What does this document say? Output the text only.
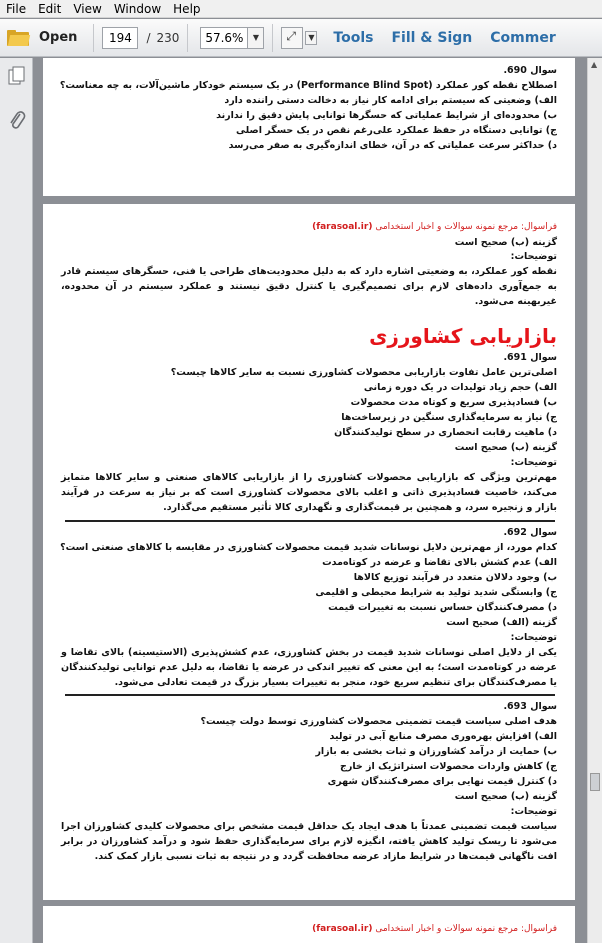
File	Edit	View	Window	Help
Open	194	/ 230	57.6%	▼	⤢	▼ Tools Fill & Sign Commer
سوال 690.
اصطلاح نقطه کور عملکرد (Performance Blind Spot) در یک سیستم خودکار ماشین‌آلات، به چه معناست؟
الف) وضعیتی که سیستم برای ادامه کار نیاز به دخالت دستی راننده دارد
ب) محدوده‌ای از شرایط عملیاتی که حسگرها توانایی پایش دقیق را ندارند
ج) توانایی دستگاه در حفظ عملکرد علی‌رغم نقص در یک حسگر اصلی
د) حداکثر سرعت عملیاتی که در آن، خطای اندازه‌گیری به صفر می‌رسد
فراسوال: مرجع نمونه سوالات و اخبار استخدامی (farasoal.ir)
گزینه (ب) صحیح است
توضیحات:
نقطه کور عملکرد، به وضعیتی اشاره دارد که به دلیل محدودیت‌های طراحی یا فنی، حسگرهای سیستم قادر به جمع‌آوری داده‌های لازم برای تصمیم‌گیری یا کنترل دقیق نیستند و عملکرد سیستم در آن محدوده، غیربهینه می‌شود.
بازاریابی کشاورزی
سوال 691.
اصلی‌ترین عامل تفاوت بازاریابی محصولات کشاورزی نسبت به سایر کالاها چیست؟
الف) حجم زیاد تولیدات در یک دوره زمانی
ب) فسادپذیری سریع و کوتاه مدت محصولات
ج) نیاز به سرمایه‌گذاری سنگین در زیرساخت‌ها
د) ماهیت رقابت انحصاری در سطح تولیدکنندگان
گزینه (ب) صحیح است
توضیحات:
مهم‌ترین ویژگی که بازاریابی محصولات کشاورزی را از بازاریابی کالاهای صنعتی و سایر کالاها متمایز می‌کند، خاصیت فسادپذیری ذاتی و اغلب بالای محصولات کشاورزی است که بر نیاز به سرعت در فرآیند بازار و زنجیره سرد، و همچنین بر قیمت‌گذاری و نگهداری کالا تأثیر مستقیم می‌گذارد.
سوال 692.
کدام مورد، از مهم‌ترین دلایل نوسانات شدید قیمت محصولات کشاورزی در مقایسه با کالاهای صنعتی است؟
الف) عدم کشش بالای تقاضا و عرضه در کوتاه‌مدت
ب) وجود دلالان متعدد در فرآیند توزیع کالاها
ج) وابستگی شدید تولید به شرایط محیطی و اقلیمی
د) مصرف‌کنندگان حساس نسبت به تغییرات قیمت
گزینه (الف) صحیح است
توضیحات:
یکی از دلایل اصلی نوسانات شدید قیمت در بخش کشاورزی، عدم کشش‌پذیری (الاستیسیته) بالای تقاضا و عرضه در کوتاه‌مدت است؛ به این معنی که تغییر اندکی در عرضه یا تقاضا، به دلیل عدم توانایی تولیدکنندگان یا مصرف‌کنندگان برای تنظیم سریع خود، منجر به تغییرات بسیار بزرگ در قیمت تعادلی می‌شود.
سوال 693.
هدف اصلی سیاست قیمت تضمینی محصولات کشاورزی توسط دولت چیست؟
الف) افزایش بهره‌وری مصرف منابع آبی در تولید
ب) حمایت از درآمد کشاورزان و ثبات بخشی به بازار
ج) کاهش واردات محصولات استراتژیک از خارج
د) کنترل قیمت نهایی برای مصرف‌کنندگان شهری
گزینه (ب) صحیح است
توضیحات:
سیاست قیمت تضمینی عمدتاً با هدف ایجاد یک حداقل قیمت مشخص برای محصولات کلیدی کشاورزان اجرا می‌شود تا ریسک تولید کاهش یافته، انگیزه لازم برای سرمایه‌گذاری حفظ شود و درآمد کشاورزان در برابر افت ناگهانی قیمت‌ها در شرایط مازاد عرضه محافظت گردد و در نتیجه به ثبات نسبی بازار کمک کند.
فراسوال: مرجع نمونه سوالات و اخبار استخدامی (farasoal.ir)
▲
